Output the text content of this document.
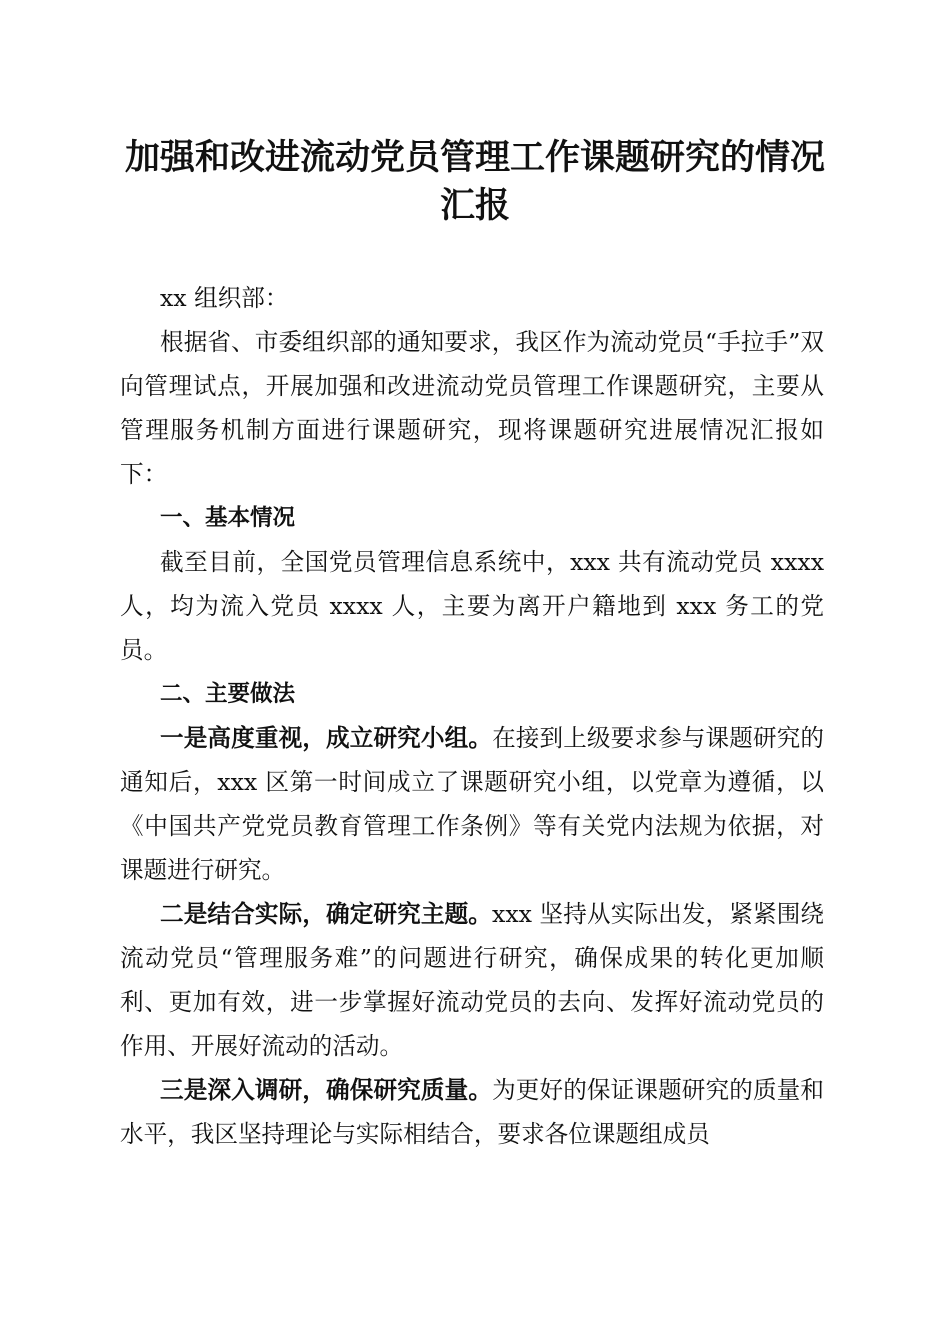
加强和改进流动党员管理工作课题研究的情况
汇报

xx 组织部：

根据省、市委组织部的通知要求，我区作为流动党员“手拉手”双向管理试点，开展加强和改进流动党员管理工作课题研究，主要从管理服务机制方面进行课题研究，现将课题研究进展情况汇报如下：

一、基本情况

截至目前，全国党员管理信息系统中，xxx 共有流动党员 xxxx 人，均为流入党员 xxxx 人，主要为离开户籍地到 xxx 务工的党员。

二、主要做法

一是高度重视，成立研究小组。在接到上级要求参与课题研究的通知后，xxx 区第一时间成立了课题研究小组，以党章为遵循，以《中国共产党党员教育管理工作条例》等有关党内法规为依据，对课题进行研究。

二是结合实际，确定研究主题。xxx 坚持从实际出发，紧紧围绕流动党员“管理服务难”的问题进行研究，确保成果的转化更加顺利、更加有效，进一步掌握好流动党员的去向、发挥好流动党员的作用、开展好流动的活动。

三是深入调研，确保研究质量。为更好的保证课题研究的质量和水平，我区坚持理论与实际相结合，要求各位课题组成员
